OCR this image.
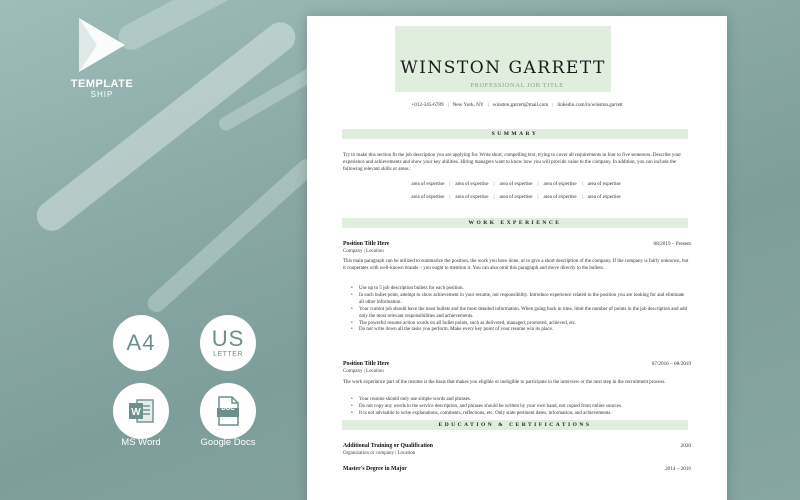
TEMPLATE
SHIP
A4	US
LETTER
W	DOC
MS Word	Google Docs
WINSTON GARRETT
PROFESSIONAL JOB TITLE
+012-345-6789 | New York, NY | winston.garrett@mail.com | linkedin.com/in/winston.garrett
SUMMARY
Try to make this section fit the job description you are applying for. Write short, compelling text, trying to cover all requirements in four to five sentences. Describe your experience and achievements and show your key abilities. Hiring managers want to know how you will provide value to the company. In addition, you can include the following relevant skills or areas :
area of expertise | area of expertise | area of expertise | area of expertise | area of expertise
area of expertise | area of expertise | area of expertise | area of expertise | area of expertise
WORK EXPERIENCE
Position Title Here	08/2019 – Present
Company | Location
This main paragraph can be utilized to summarize the position, the work you have done, or to give a short description of the company. If the company is fairly unknown, but it cooperates with well-known brands – you ought to mention it. You can also omit this paragraph and move directly to the bullets.
• Use up to 5 job description bullets for each position.
• In each bullet point, attempt to show achievement in your resume, not responsibility. Introduce experience related to the position you are looking for and eliminate all other information.
• Your current job should have the most bullets and the most detailed information. When going back in time, limit the number of points in the job description and add only the most relevant responsibilities and achievements.
• The powerful resume action words on all bullet points, such as delivered, managed, promoted, achieved, etc.
• Do not write down all the tasks you perform. Make every key point of your resume win its place.
Position Title Here	07/2016 – 08/2019
Company | Location
The work experience part of the resume is the basis that makes you eligible or ineligible to participate in the interview or the next step in the recruitment process.
• Your resume should only use simple words and phrases.
• Do not copy any words in the service description, and phrases should be written by your own hand, not copied from online sources.
• It is not advisable to write explanations, comments, reflections, etc. Only state pertinent dates, information, and achievements.
EDUCATION & CERTIFICATIONS
Additional Training or Qualification	2020
Organization or company | Location
Master's Degree in Major	2014 – 2016
